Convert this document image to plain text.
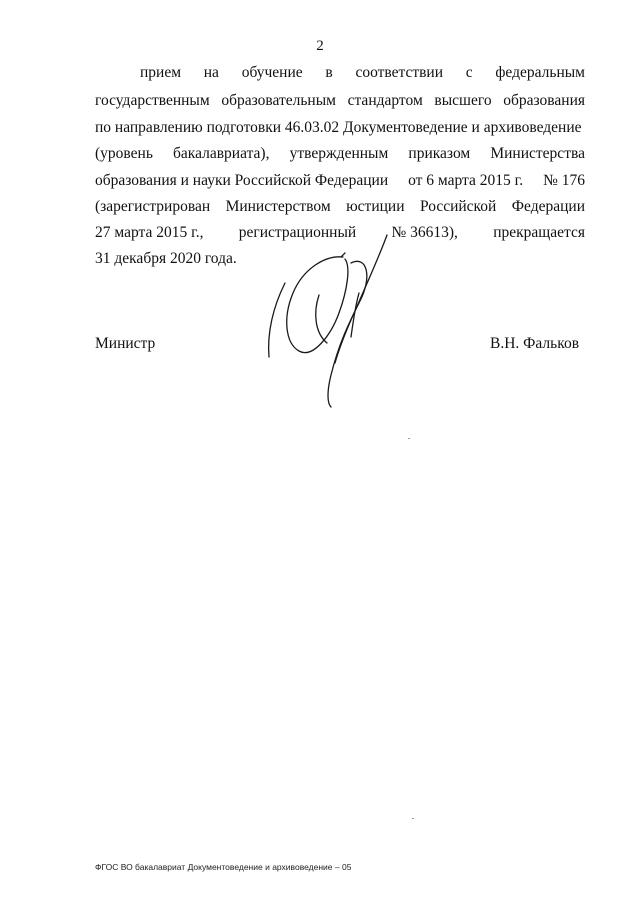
2
прием на обучение в соответствии с федеральным
государственным образовательным стандартом высшего образования
по направлению подготовки 46.03.02 Документоведение и архивоведение
(уровень бакалавриата), утвержденным приказом Министерства
образования и науки Российской Федерации от 6 марта 2015 г. № 176
(зарегистрирован Министерством юстиции Российской Федерации
27 марта 2015 г., регистрационный № 36613), прекращается
31 декабря 2020 года.
Министр	В.Н. Фальков
ФГОС ВО бакалавриат Документоведение и архивоведение – 05
